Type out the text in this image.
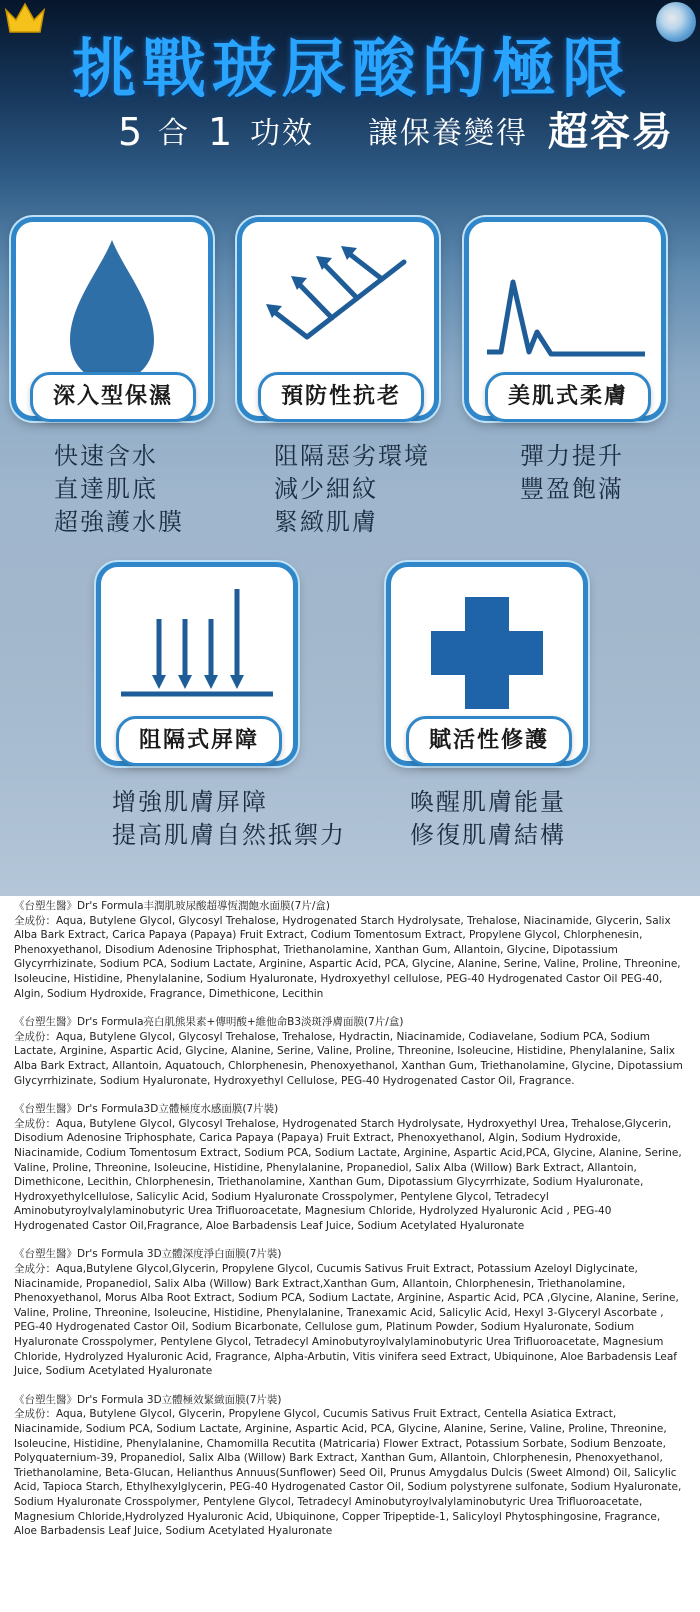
挑戰玻尿酸的極限
5 合 1 功效 讓保養變得 超容易
深入型保濕	預防性抗老	美肌式柔膚
快速含水
直達肌底
超強護水膜
阻隔惡劣環境
減少細紋
緊緻肌膚
彈力提升
豐盈飽滿
阻隔式屏障	賦活性修護
增強肌膚屏障
提高肌膚自然抵禦力
喚醒肌膚能量
修復肌膚結構
《台塑生醫》Dr's Formula丰潤肌玻尿酸超導恆潤飽水面膜(7片/盒)
全成份：Aqua, Butylene Glycol, Glycosyl Trehalose, Hydrogenated Starch Hydrolysate, Trehalose, Niacinamide, Glycerin, Salix Alba Bark Extract, Carica Papaya (Papaya) Fruit Extract, Codium Tomentosum Extract, Propylene Glycol, Chlorphenesin, Phenoxyethanol, Disodium Adenosine Triphosphat, Triethanolamine, Xanthan Gum, Allantoin, Glycine, Dipotassium Glycyrrhizinate, Sodium PCA, Sodium Lactate, Arginine, Aspartic Acid, PCA, Glycine, Alanine, Serine, Valine, Proline, Threonine, Isoleucine, Histidine, Phenylalanine, Sodium Hyaluronate, Hydroxyethyl cellulose, PEG-40 Hydrogenated Castor Oil PEG-40, Algin, Sodium Hydroxide, Fragrance, Dimethicone, Lecithin
《台塑生醫》Dr's Formula亮白肌熊果素+傳明酸+維他命B3淡斑淨膚面膜(7片/盒)
全成份：Aqua, Butylene Glycol, Glycosyl Trehalose, Trehalose, Hydractin, Niacinamide, Codiavelane, Sodium PCA, Sodium Lactate, Arginine, Aspartic Acid, Glycine, Alanine, Serine, Valine, Proline, Threonine, Isoleucine, Histidine, Phenylalanine, Salix Alba Bark Extract, Allantoin, Aquatouch, Chlorphenesin, Phenoxyethanol, Xanthan Gum, Triethanolamine, Glycine, Dipotassium Glycyrrhizinate, Sodium Hyaluronate, Hydroxyethyl Cellulose, PEG-40 Hydrogenated Castor Oil, Fragrance.
《台塑生醫》Dr's Formula3D立體極度水感面膜(7片裝)
全成份：Aqua, Butylene Glycol, Glycosyl Trehalose, Hydrogenated Starch Hydrolysate, Hydroxyethyl Urea, Trehalose,Glycerin, Disodium Adenosine Triphosphate, Carica Papaya (Papaya) Fruit Extract, Phenoxyethanol, Algin, Sodium Hydroxide, Niacinamide, Codium Tomentosum Extract, Sodium PCA, Sodium Lactate, Arginine, Aspartic Acid,PCA, Glycine, Alanine, Serine, Valine, Proline, Threonine, Isoleucine, Histidine, Phenylalanine, Propanediol, Salix Alba (Willow) Bark Extract, Allantoin, Dimethicone, Lecithin, Chlorphenesin, Triethanolamine, Xanthan Gum, Dipotassium Glycyrrhizate, Sodium Hyaluronate, Hydroxyethylcellulose, Salicylic Acid, Sodium Hyaluronate Crosspolymer, Pentylene Glycol, Tetradecyl Aminobutyroylvalylaminobutyric Urea Trifluoroacetate, Magnesium Chloride, Hydrolyzed Hyaluronic Acid , PEG-40 Hydrogenated Castor Oil,Fragrance, Aloe Barbadensis Leaf Juice, Sodium Acetylated Hyaluronate
《台塑生醫》Dr's Formula 3D立體深度淨白面膜(7片裝)
全成分：Aqua,Butylene Glycol,Glycerin, Propylene Glycol, Cucumis Sativus Fruit Extract, Potassium Azeloyl Diglycinate, Niacinamide, Propanediol, Salix Alba (Willow) Bark Extract,Xanthan Gum, Allantoin, Chlorphenesin, Triethanolamine, Phenoxyethanol, Morus Alba Root Extract, Sodium PCA, Sodium Lactate, Arginine, Aspartic Acid, PCA ,Glycine, Alanine, Serine, Valine, Proline, Threonine, Isoleucine, Histidine, Phenylalanine, Tranexamic Acid, Salicylic Acid, Hexyl 3-Glyceryl Ascorbate , PEG-40 Hydrogenated Castor Oil, Sodium Bicarbonate, Cellulose gum, Platinum Powder, Sodium Hyaluronate, Sodium Hyaluronate Crosspolymer, Pentylene Glycol, Tetradecyl Aminobutyroylvalylaminobutyric Urea Trifluoroacetate, Magnesium Chloride, Hydrolyzed Hyaluronic Acid, Fragrance, Alpha-Arbutin, Vitis vinifera seed Extract, Ubiquinone, Aloe Barbadensis Leaf Juice, Sodium Acetylated Hyaluronate
《台塑生醫》Dr's Formula 3D立體極效緊緻面膜(7片裝)
全成份：Aqua, Butylene Glycol, Glycerin, Propylene Glycol, Cucumis Sativus Fruit Extract, Centella Asiatica Extract, Niacinamide, Sodium PCA, Sodium Lactate, Arginine, Aspartic Acid, PCA, Glycine, Alanine, Serine, Valine, Proline, Threonine, Isoleucine, Histidine, Phenylalanine, Chamomilla Recutita (Matricaria) Flower Extract, Potassium Sorbate, Sodium Benzoate, Polyquaternium-39, Propanediol, Salix Alba (Willow) Bark Extract, Xanthan Gum, Allantoin, Chlorphenesin, Phenoxyethanol, Triethanolamine, Beta-Glucan, Helianthus Annuus(Sunflower) Seed Oil, Prunus Amygdalus Dulcis (Sweet Almond) Oil, Salicylic Acid, Tapioca Starch, Ethylhexylglycerin, PEG-40 Hydrogenated Castor Oil, Sodium polystyrene sulfonate, Sodium Hyaluronate, Sodium Hyaluronate Crosspolymer, Pentylene Glycol, Tetradecyl Aminobutyroylvalylaminobutyric Urea Trifluoroacetate, Magnesium Chloride,Hydrolyzed Hyaluronic Acid, Ubiquinone, Copper Tripeptide-1, Salicyloyl Phytosphingosine, Fragrance, Aloe Barbadensis Leaf Juice, Sodium Acetylated Hyaluronate
